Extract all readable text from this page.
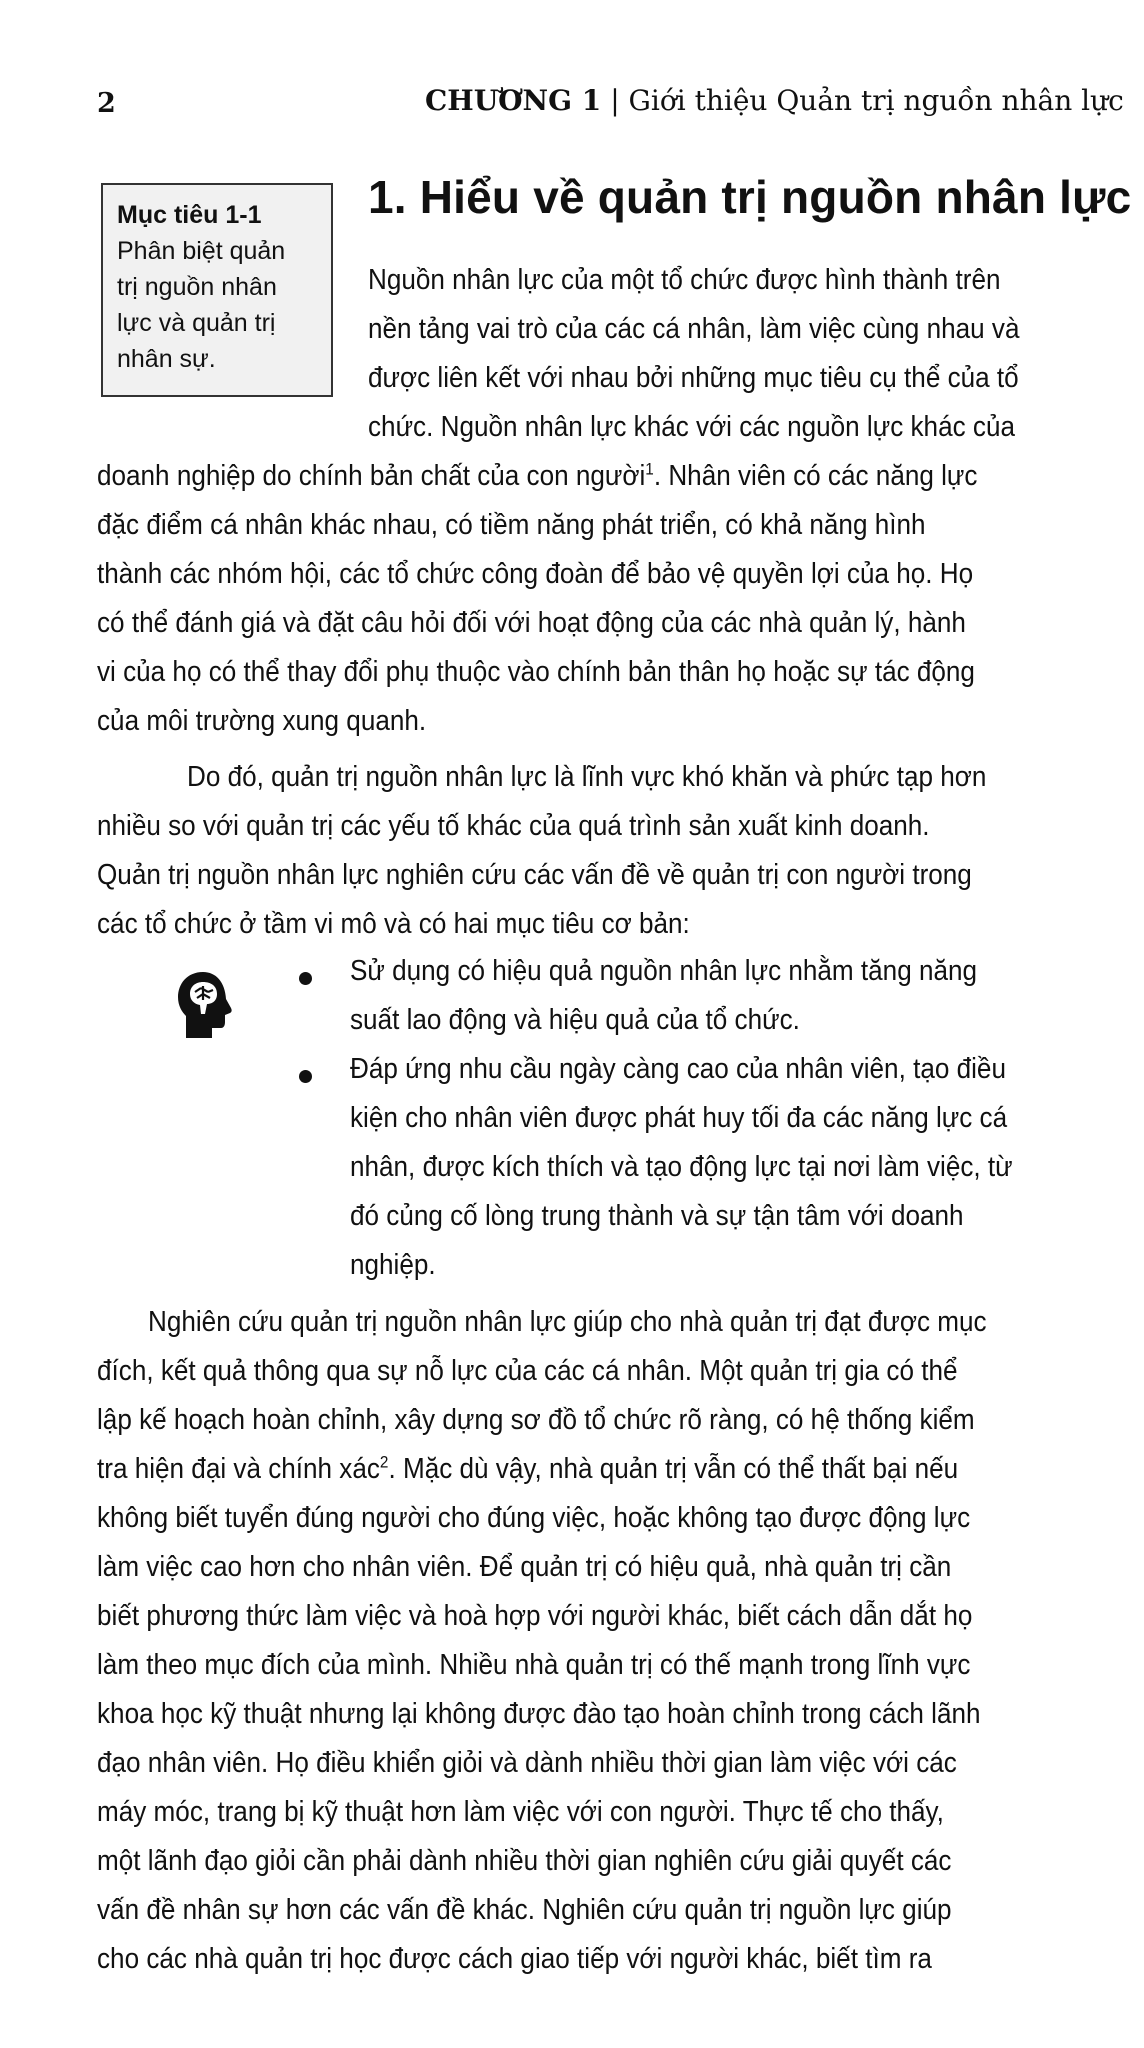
2	CHƯƠNG 1 | Giới thiệu Quản trị nguồn nhân lực
Mục tiêu 1-1
Phân biệt quản
trị nguồn nhân
lực và quản trị
nhân sự.
1. Hiểu về quản trị nguồn nhân lực
Nguồn nhân lực của một tổ chức được hình thành trên
nền tảng vai trò của các cá nhân, làm việc cùng nhau và
được liên kết với nhau bởi những mục tiêu cụ thể của tổ
chức. Nguồn nhân lực khác với các nguồn lực khác của
doanh nghiệp do chính bản chất của con người$^1$. Nhân viên có các năng lực
đặc điểm cá nhân khác nhau, có tiềm năng phát triển, có khả năng hình
thành các nhóm hội, các tổ chức công đoàn để bảo vệ quyền lợi của họ. Họ
có thể đánh giá và đặt câu hỏi đối với hoạt động của các nhà quản lý, hành
vi của họ có thể thay đổi phụ thuộc vào chính bản thân họ hoặc sự tác động
của môi trường xung quanh.
Do đó, quản trị nguồn nhân lực là lĩnh vực khó khăn và phức tạp hơn
nhiều so với quản trị các yếu tố khác của quá trình sản xuất kinh doanh.
Quản trị nguồn nhân lực nghiên cứu các vấn đề về quản trị con người trong
các tổ chức ở tầm vi mô và có hai mục tiêu cơ bản:
Sử dụng có hiệu quả nguồn nhân lực nhằm tăng năng
suất lao động và hiệu quả của tổ chức.
Đáp ứng nhu cầu ngày càng cao của nhân viên, tạo điều
kiện cho nhân viên được phát huy tối đa các năng lực cá
nhân, được kích thích và tạo động lực tại nơi làm việc, từ
đó củng cố lòng trung thành và sự tận tâm với doanh
nghiệp.
Nghiên cứu quản trị nguồn nhân lực giúp cho nhà quản trị đạt được mục
đích, kết quả thông qua sự nỗ lực của các cá nhân. Một quản trị gia có thể
lập kế hoạch hoàn chỉnh, xây dựng sơ đồ tổ chức rõ ràng, có hệ thống kiểm
tra hiện đại và chính xác$^2$. Mặc dù vậy, nhà quản trị vẫn có thể thất bại nếu
không biết tuyển đúng người cho đúng việc, hoặc không tạo được động lực
làm việc cao hơn cho nhân viên. Để quản trị có hiệu quả, nhà quản trị cần
biết phương thức làm việc và hoà hợp với người khác, biết cách dẫn dắt họ
làm theo mục đích của mình. Nhiều nhà quản trị có thế mạnh trong lĩnh vực
khoa học kỹ thuật nhưng lại không được đào tạo hoàn chỉnh trong cách lãnh
đạo nhân viên. Họ điều khiển giỏi và dành nhiều thời gian làm việc với các
máy móc, trang bị kỹ thuật hơn làm việc với con người. Thực tế cho thấy,
một lãnh đạo giỏi cần phải dành nhiều thời gian nghiên cứu giải quyết các
vấn đề nhân sự hơn các vấn đề khác. Nghiên cứu quản trị nguồn lực giúp
cho các nhà quản trị học được cách giao tiếp với người khác, biết tìm ra
